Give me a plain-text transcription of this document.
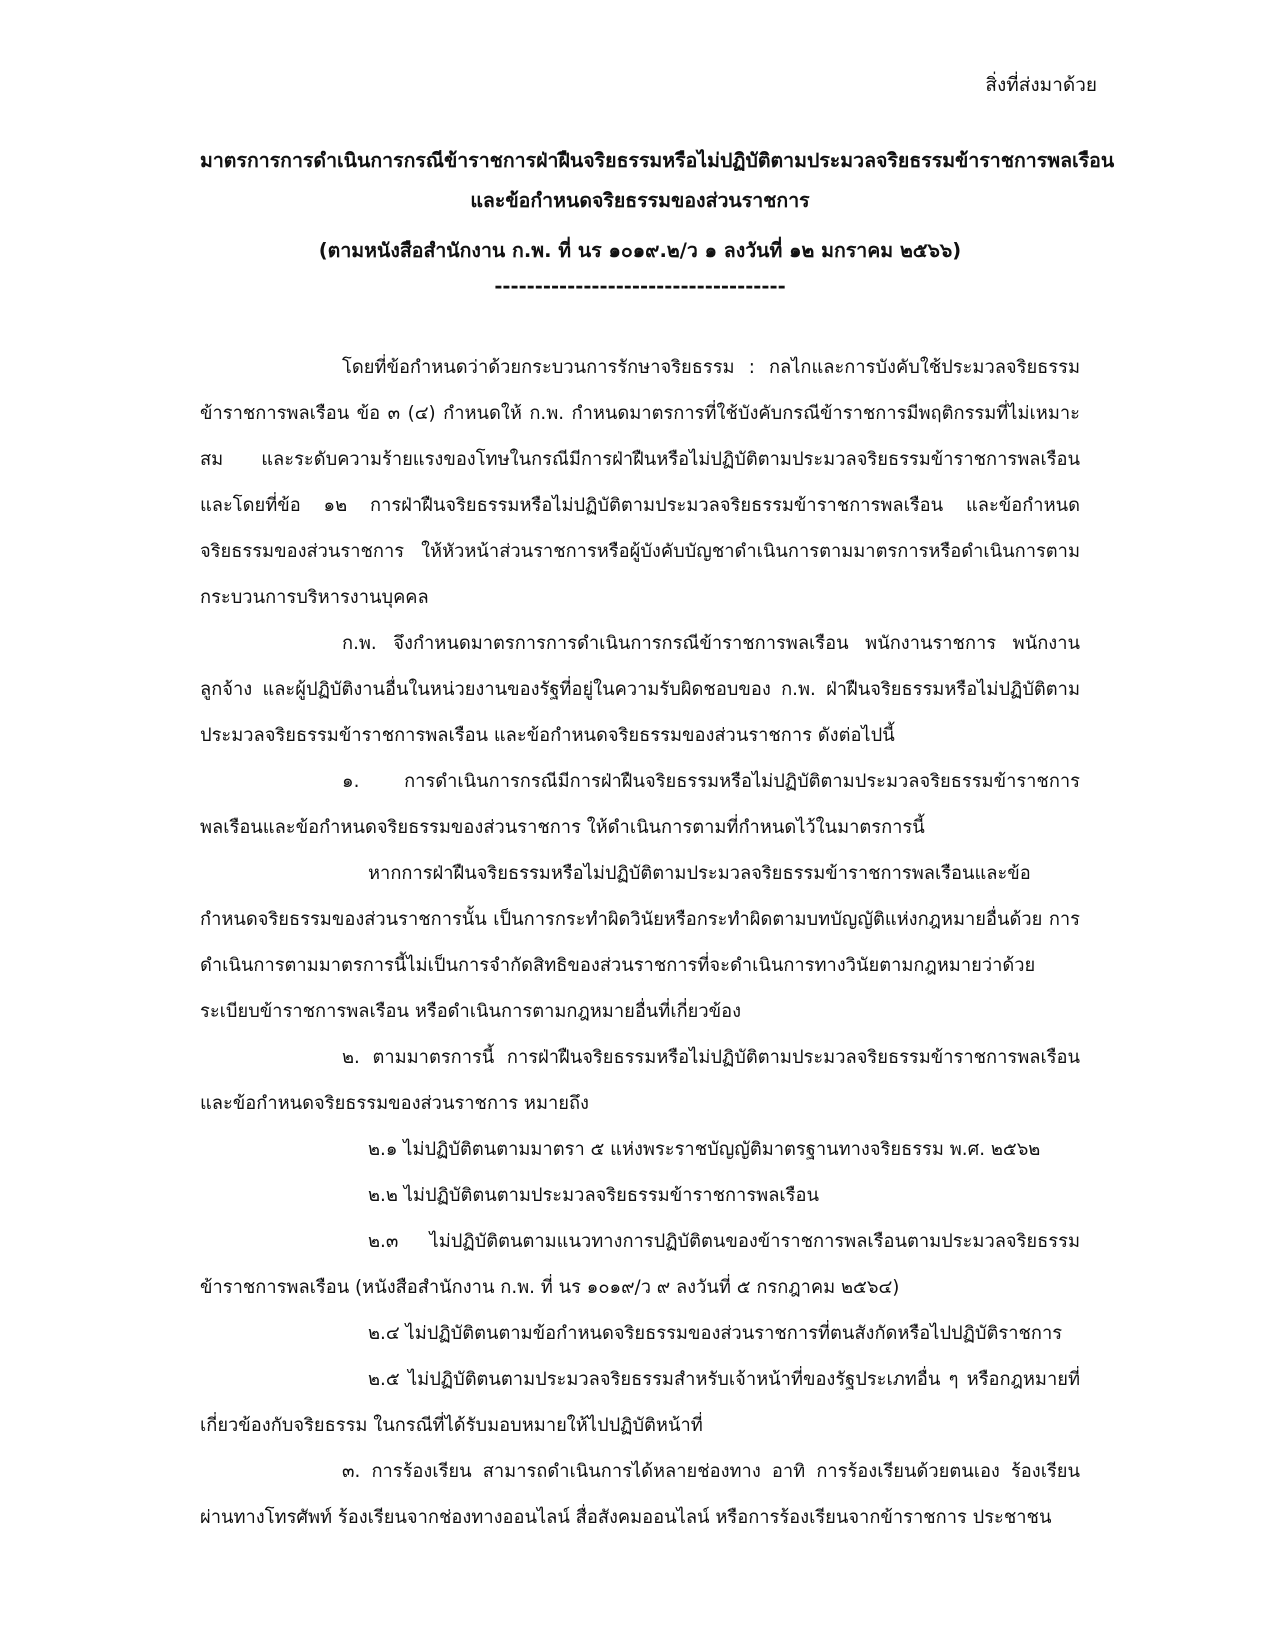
สิ่งที่ส่งมาด้วย
มาตรการการดำเนินการกรณีข้าราชการฝ่าฝืนจริยธรรมหรือไม่ปฏิบัติตามประมวลจริยธรรมข้าราชการพลเรือน
และข้อกำหนดจริยธรรมของส่วนราชการ
(ตามหนังสือสำนักงาน ก.พ. ที่ นร ๑๐๑๙.๒/ว ๑ ลงวันที่ ๑๒ มกราคม ๒๕๖๖)
------------------------------------

โดยที่ข้อกำหนดว่าด้วยกระบวนการรักษาจริยธรรม : กลไกและการบังคับใช้ประมวลจริยธรรมข้าราชการพลเรือน ข้อ ๓ (๔) กำหนดให้ ก.พ. กำหนดมาตรการที่ใช้บังคับกรณีข้าราชการมีพฤติกรรมที่ไม่เหมาะสม และระดับความร้ายแรงของโทษในกรณีมีการฝ่าฝืนหรือไม่ปฏิบัติตามประมวลจริยธรรมข้าราชการพลเรือน และโดยที่ข้อ ๑๒ การฝ่าฝืนจริยธรรมหรือไม่ปฏิบัติตามประมวลจริยธรรมข้าราชการพลเรือน และข้อกำหนดจริยธรรมของส่วนราชการ ให้หัวหน้าส่วนราชการหรือผู้บังคับบัญชาดำเนินการตามมาตรการหรือดำเนินการตามกระบวนการบริหารงานบุคคล

ก.พ. จึงกำหนดมาตรการการดำเนินการกรณีข้าราชการพลเรือน พนักงานราชการ พนักงานลูกจ้าง และผู้ปฏิบัติงานอื่นในหน่วยงานของรัฐที่อยู่ในความรับผิดชอบของ ก.พ. ฝ่าฝืนจริยธรรมหรือไม่ปฏิบัติตามประมวลจริยธรรมข้าราชการพลเรือน และข้อกำหนดจริยธรรมของส่วนราชการ ดังต่อไปนี้

๑. การดำเนินการกรณีมีการฝ่าฝืนจริยธรรมหรือไม่ปฏิบัติตามประมวลจริยธรรมข้าราชการพลเรือนและข้อกำหนดจริยธรรมของส่วนราชการ ให้ดำเนินการตามที่กำหนดไว้ในมาตรการนี้

หากการฝ่าฝืนจริยธรรมหรือไม่ปฏิบัติตามประมวลจริยธรรมข้าราชการพลเรือนและข้อกำหนดจริยธรรมของส่วนราชการนั้น เป็นการกระทำผิดวินัยหรือกระทำผิดตามบทบัญญัติแห่งกฎหมายอื่นด้วย การดำเนินการตามมาตรการนี้ไม่เป็นการจำกัดสิทธิของส่วนราชการที่จะดำเนินการทางวินัยตามกฎหมายว่าด้วยระเบียบข้าราชการพลเรือน หรือดำเนินการตามกฎหมายอื่นที่เกี่ยวข้อง

๒. ตามมาตรการนี้ การฝ่าฝืนจริยธรรมหรือไม่ปฏิบัติตามประมวลจริยธรรมข้าราชการพลเรือนและข้อกำหนดจริยธรรมของส่วนราชการ หมายถึง

๒.๑ ไม่ปฏิบัติตนตามมาตรา ๕ แห่งพระราชบัญญัติมาตรฐานทางจริยธรรม พ.ศ. ๒๕๖๒

๒.๒ ไม่ปฏิบัติตนตามประมวลจริยธรรมข้าราชการพลเรือน

๒.๓ ไม่ปฏิบัติตนตามแนวทางการปฏิบัติตนของข้าราชการพลเรือนตามประมวลจริยธรรมข้าราชการพลเรือน (หนังสือสำนักงาน ก.พ. ที่ นร ๑๐๑๙/ว ๙ ลงวันที่ ๕ กรกฎาคม ๒๕๖๔)

๒.๔ ไม่ปฏิบัติตนตามข้อกำหนดจริยธรรมของส่วนราชการที่ตนสังกัดหรือไปปฏิบัติราชการ

๒.๕ ไม่ปฏิบัติตนตามประมวลจริยธรรมสำหรับเจ้าหน้าที่ของรัฐประเภทอื่น ๆ หรือกฎหมายที่เกี่ยวข้องกับจริยธรรม ในกรณีที่ได้รับมอบหมายให้ไปปฏิบัติหน้าที่

๓. การร้องเรียน สามารถดำเนินการได้หลายช่องทาง อาทิ การร้องเรียนด้วยตนเอง ร้องเรียนผ่านทางโทรศัพท์ ร้องเรียนจากช่องทางออนไลน์ สื่อสังคมออนไลน์ หรือการร้องเรียนจากข้าราชการ ประชาชน
